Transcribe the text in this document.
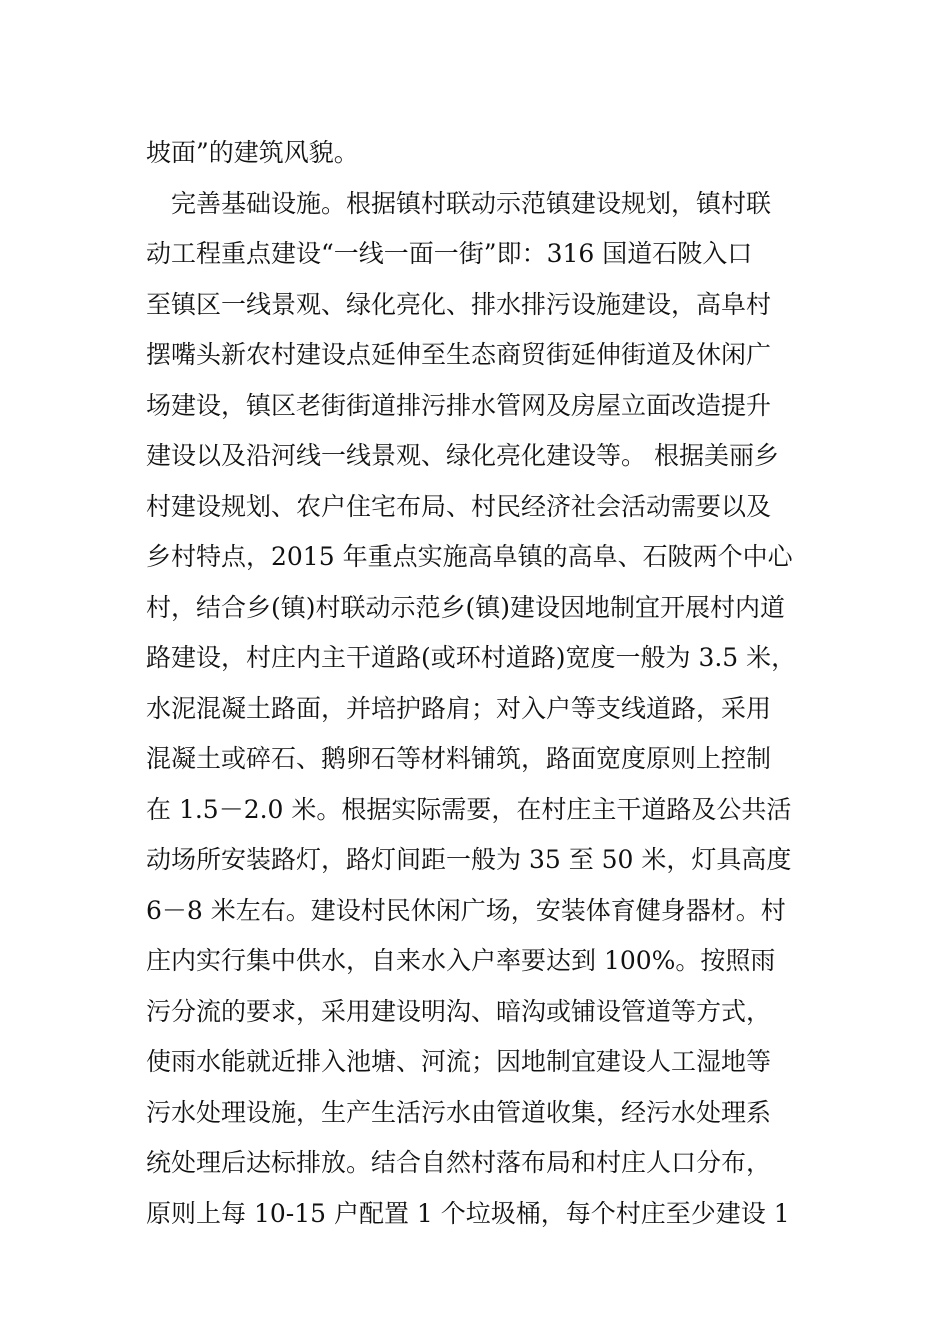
坡面”的建筑风貌。
　完善基础设施。根据镇村联动示范镇建设规划，镇村联
动工程重点建设“一线一面一街”即：316 国道石陂入口
至镇区一线景观、绿化亮化、排水排污设施建设，高阜村
摆嘴头新农村建设点延伸至生态商贸街延伸街道及休闲广
场建设，镇区老街街道排污排水管网及房屋立面改造提升
建设以及沿河线一线景观、绿化亮化建设等。 根据美丽乡
村建设规划、农户住宅布局、村民经济社会活动需要以及
乡村特点，2015 年重点实施高阜镇的高阜、石陂两个中心
村，结合乡(镇)村联动示范乡(镇)建设因地制宜开展村内道
路建设，村庄内主干道路(或环村道路)宽度一般为 3.5 米，
水泥混凝土路面，并培护路肩；对入户等支线道路，采用
混凝土或碎石、鹅卵石等材料铺筑，路面宽度原则上控制
在 1.5－2.0 米。根据实际需要，在村庄主干道路及公共活
动场所安装路灯，路灯间距一般为 35 至 50 米，灯具高度
6－8 米左右。建设村民休闲广场，安装体育健身器材。村
庄内实行集中供水，自来水入户率要达到 100%。按照雨
污分流的要求，采用建设明沟、暗沟或铺设管道等方式，
使雨水能就近排入池塘、河流；因地制宜建设人工湿地等
污水处理设施，生产生活污水由管道收集，经污水处理系
统处理后达标排放。结合自然村落布局和村庄人口分布，
原则上每 10-15 户配置 1 个垃圾桶，每个村庄至少建设 1
